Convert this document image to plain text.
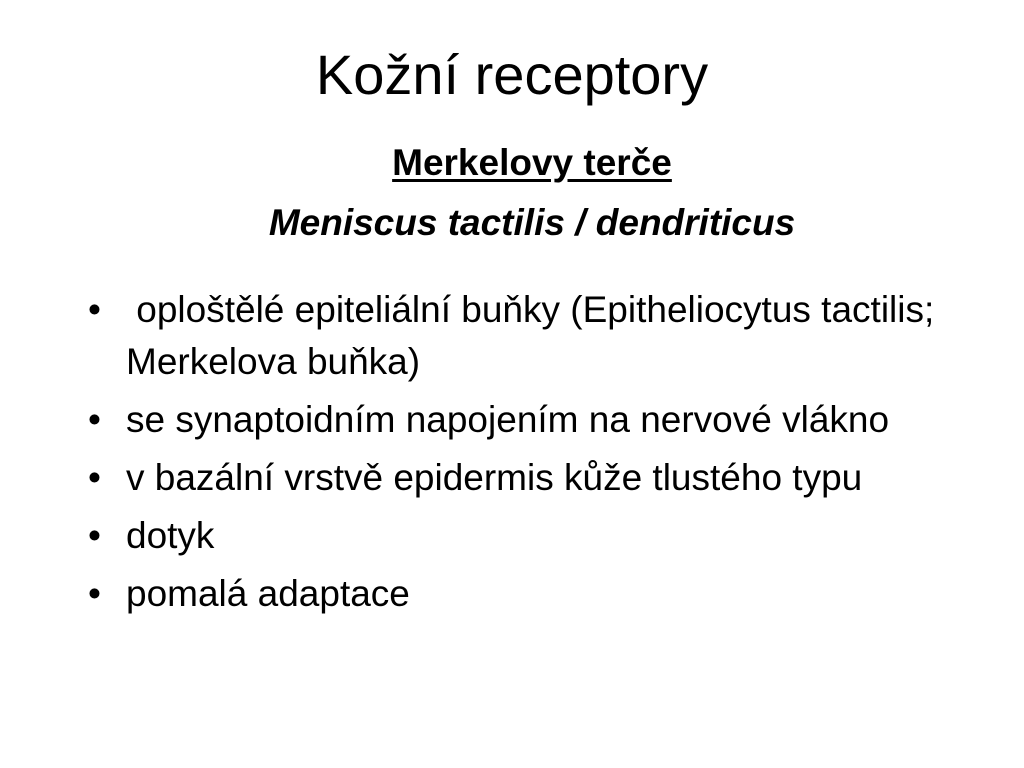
Kožní receptory
Merkelovy terče
Meniscus tactilis / dendriticus
• oploštělé epiteliální buňky (Epitheliocytus tactilis; Merkelova buňka)
• se synaptoidním napojením na nervové vlákno
• v bazální vrstvě epidermis kůže tlustého typu
• dotyk
• pomalá adaptace
